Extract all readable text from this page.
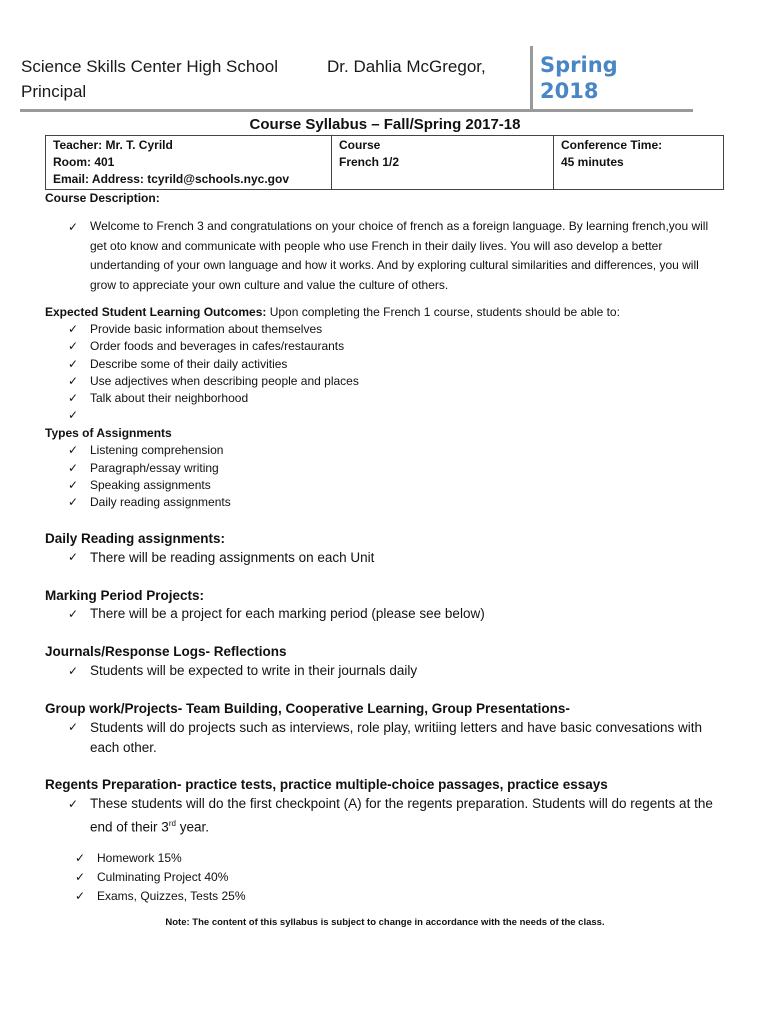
Science Skills Center High School	Dr. Dahlia McGregor,
Principal
Spring
2018
Course Syllabus – Fall/Spring 2017-18
Teacher: Mr. T. Cyrild
Room: 401
Email: Address: tcyrild@schools.nyc.gov

Course
French 1/2

Conference Time:
45 minutes
Course Description:
✓ Welcome to French 3 and congratulations on your choice of french as a foreign language. By learning french,you will get oto know and communicate with people who use French in their daily lives. You will aso develop a better undertanding of your own language and how it works. And by exploring cultural similarities and differences, you will grow to appreciate your own culture and value the culture of others.
Expected Student Learning Outcomes: Upon completing the French 1 course, students should be able to:
✓ Provide basic information about themselves
✓ Order foods and beverages in cafes/restaurants
✓ Describe some of their daily activities
✓ Use adjectives when describing people and places
✓ Talk about their neighborhood
✓
Types of Assignments
✓ Listening comprehension
✓ Paragraph/essay writing
✓ Speaking assignments
✓ Daily reading assignments
Daily Reading assignments:
✓ There will be reading assignments on each Unit
Marking Period Projects:
✓ There will be a project for each marking period (please see below)
Journals/Response Logs- Reflections
✓ Students will be expected to write in their journals daily
Group work/Projects- Team Building, Cooperative Learning, Group Presentations-
✓ Students will do projects such as interviews, role play, writiing letters and have basic convesations with each other.
Regents Preparation- practice tests, practice multiple-choice passages, practice essays
✓ These students will do the first checkpoint (A) for the regents preparation. Students will do regents at the end of their 3rd year.
✓ Homework 15%
✓ Culminating Project 40%
✓ Exams, Quizzes, Tests 25%
Note: The content of this syllabus is subject to change in accordance with the needs of the class.
